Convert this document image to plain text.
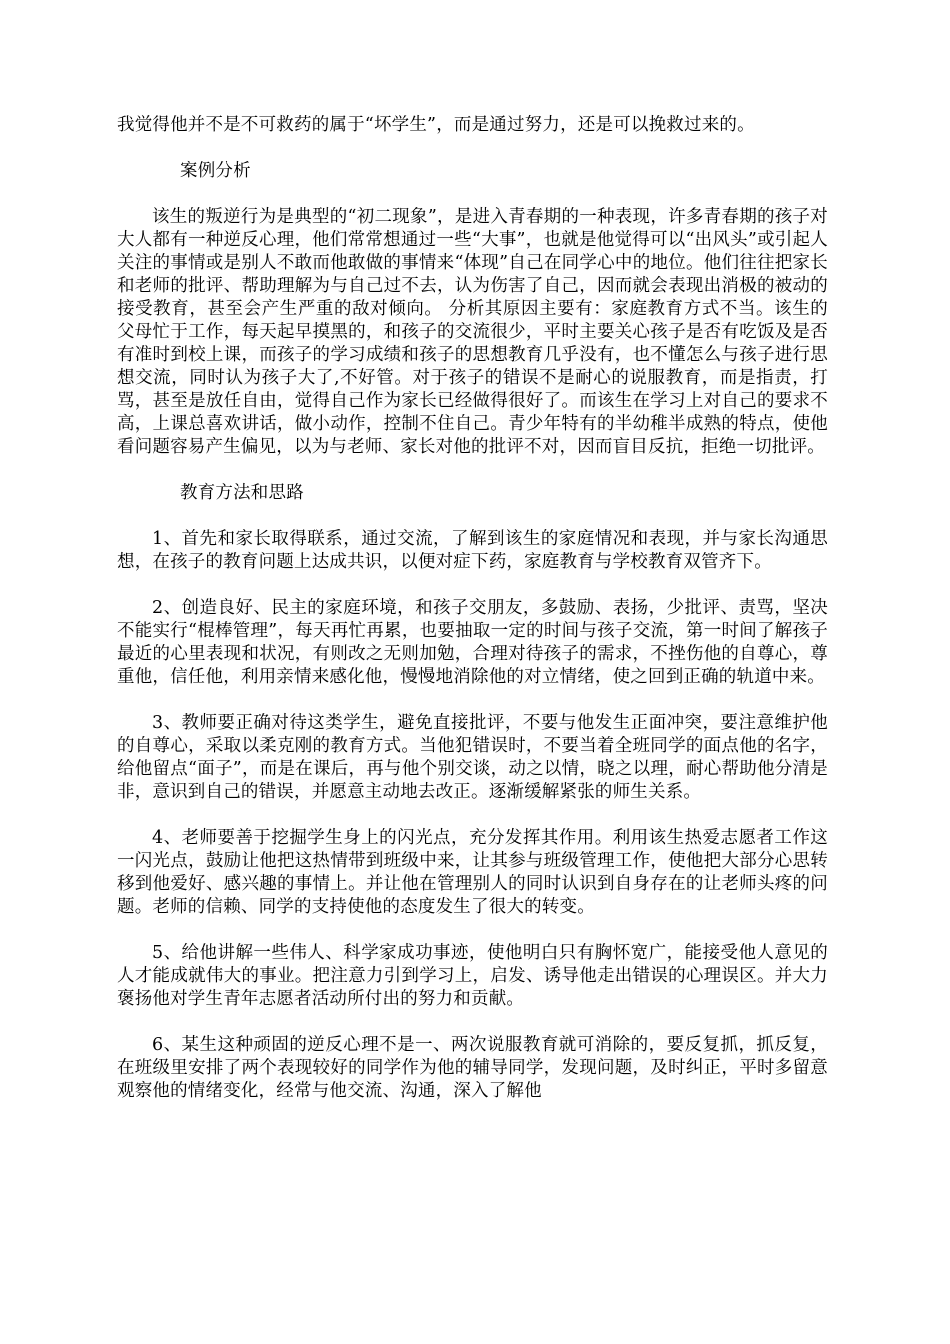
我觉得他并不是不可救药的属于“坏学生”，而是通过努力，还是可以挽救过来的。

案例分析

该生的叛逆行为是典型的“初二现象”，是进入青春期的一种表现，许多青春期的孩子对大人都有一种逆反心理，他们常常想通过一些“大事”，也就是他觉得可以“出风头”或引起人关注的事情或是别人不敢而他敢做的事情来“体现”自己在同学心中的地位。他们往往把家长和老师的批评、帮助理解为与自己过不去，认为伤害了自己，因而就会表现出消极的被动的接受教育，甚至会产生严重的敌对倾向。 分析其原因主要有：家庭教育方式不当。该生的父母忙于工作，每天起早摸黑的，和孩子的交流很少，平时主要关心孩子是否有吃饭及是否有准时到校上课，而孩子的学习成绩和孩子的思想教育几乎没有，也不懂怎么与孩子进行思想交流，同时认为孩子大了,不好管。对于孩子的错误不是耐心的说服教育，而是指责，打骂，甚至是放任自由，觉得自己作为家长已经做得很好了。而该生在学习上对自己的要求不高，上课总喜欢讲话，做小动作，控制不住自己。青少年特有的半幼稚半成熟的特点，使他看问题容易产生偏见，以为与老师、家长对他的批评不对，因而盲目反抗，拒绝一切批评。

教育方法和思路

1、首先和家长取得联系，通过交流，了解到该生的家庭情况和表现，并与家长沟通思想，在孩子的教育问题上达成共识，以便对症下药，家庭教育与学校教育双管齐下。

2、创造良好、民主的家庭环境，和孩子交朋友，多鼓励、表扬，少批评、责骂，坚决不能实行“棍棒管理”，每天再忙再累，也要抽取一定的时间与孩子交流，第一时间了解孩子最近的心里表现和状况，有则改之无则加勉，合理对待孩子的需求，不挫伤他的自尊心，尊重他，信任他，利用亲情来感化他，慢慢地消除他的对立情绪，使之回到正确的轨道中来。

3、教师要正确对待这类学生，避免直接批评，不要与他发生正面冲突，要注意维护他的自尊心，采取以柔克刚的教育方式。当他犯错误时，不要当着全班同学的面点他的名字，给他留点“面子”，而是在课后，再与他个别交谈，动之以情，晓之以理，耐心帮助他分清是非，意识到自己的错误，并愿意主动地去改正。逐渐缓解紧张的师生关系。

4、老师要善于挖掘学生身上的闪光点，充分发挥其作用。利用该生热爱志愿者工作这一闪光点，鼓励让他把这热情带到班级中来，让其参与班级管理工作，使他把大部分心思转移到他爱好、感兴趣的事情上。并让他在管理别人的同时认识到自身存在的让老师头疼的问题。老师的信赖、同学的支持使他的态度发生了很大的转变。

5、给他讲解一些伟人、科学家成功事迹，使他明白只有胸怀宽广，能接受他人意见的人才能成就伟大的事业。把注意力引到学习上，启发、诱导他走出错误的心理误区。并大力褒扬他对学生青年志愿者活动所付出的努力和贡献。

6、某生这种顽固的逆反心理不是一、两次说服教育就可消除的，要反复抓，抓反复，在班级里安排了两个表现较好的同学作为他的辅导同学，发现问题，及时纠正，平时多留意观察他的情绪变化，经常与他交流、沟通，深入了解他
